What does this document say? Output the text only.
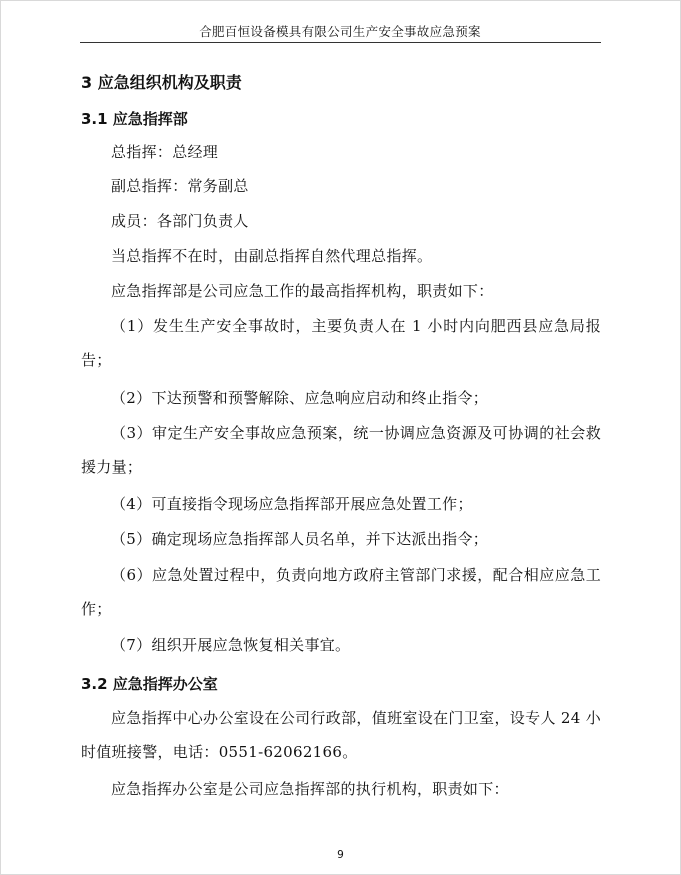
合肥百恒设备模具有限公司生产安全事故应急预案
3 应急组织机构及职责
3.1 应急指挥部
总指挥：总经理
副总指挥：常务副总
成员：各部门负责人
当总指挥不在时，由副总指挥自然代理总指挥。
应急指挥部是公司应急工作的最高指挥机构，职责如下：
（1）发生生产安全事故时，主要负责人在 1 小时内向肥西县应急局报告；
（2）下达预警和预警解除、应急响应启动和终止指令；
（3）审定生产安全事故应急预案，统一协调应急资源及可协调的社会救援力量；
（4）可直接指令现场应急指挥部开展应急处置工作；
（5）确定现场应急指挥部人员名单，并下达派出指令；
（6）应急处置过程中，负责向地方政府主管部门求援，配合相应应急工作；
（7）组织开展应急恢复相关事宜。
3.2 应急指挥办公室
应急指挥中心办公室设在公司行政部，值班室设在门卫室，设专人 24 小时值班接警，电话：0551-62062166。
应急指挥办公室是公司应急指挥部的执行机构，职责如下：
9
